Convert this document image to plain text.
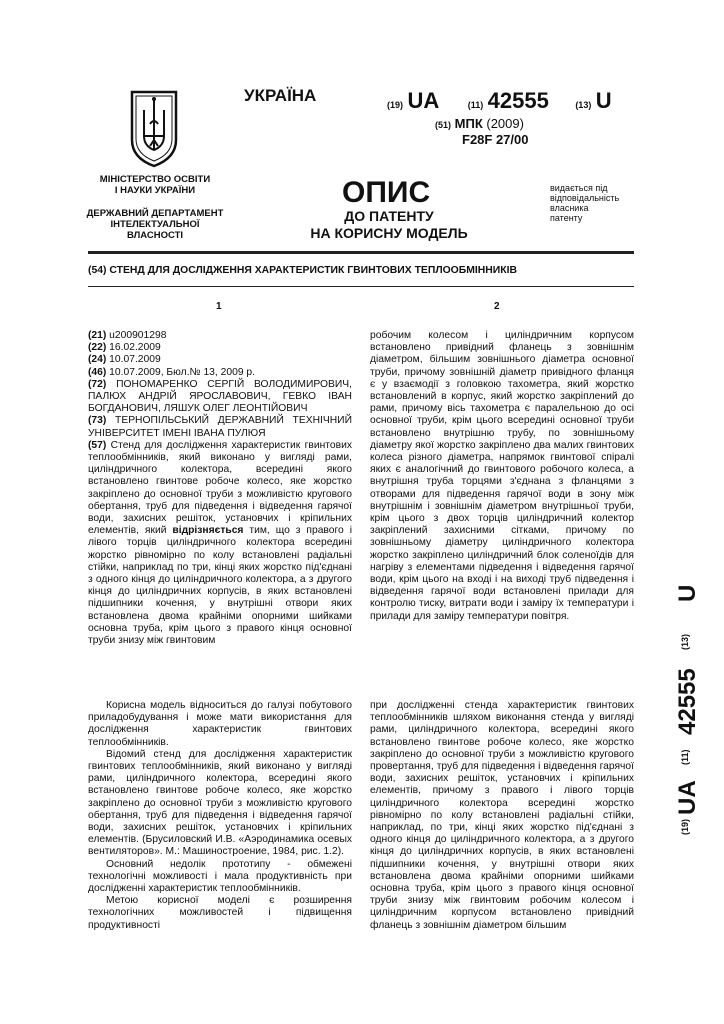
УКРАЇНА	(19) UA	(11) 42555	(13) U
(51) МПК (2009)
F28F 27/00
МІНІСТЕРСТВО ОСВІТИ
І НАУКИ УКРАЇНИ
ДЕРЖАВНИЙ ДЕПАРТАМЕНТ
ІНТЕЛЕКТУАЛЬНОЇ
ВЛАСНОСТІ
ОПИС
ДО ПАТЕНТУ
НА КОРИСНУ МОДЕЛЬ
видається під
відповідальність
власника
патенту
(54) СТЕНД ДЛЯ ДОСЛІДЖЕННЯ ХАРАКТЕРИСТИК ГВИНТОВИХ ТЕПЛООБМІННИКІВ
1	2
(21) u200901298
(22) 16.02.2009
(24) 10.07.2009
(46) 10.07.2009, Бюл.№ 13, 2009 р.
(72) ПОНОМАРЕНКО СЕРГІЙ ВОЛОДИМИРОВИЧ, ПАЛЮХ АНДРІЙ ЯРОСЛАВОВИЧ, ГЕВКО ІВАН БОГДАНОВИЧ, ЛЯШУК ОЛЕГ ЛЕОНТІЙОВИЧ
(73) ТЕРНОПІЛЬСЬКИЙ ДЕРЖАВНИЙ ТЕХНІЧНИЙ УНІВЕРСИТЕТ ІМЕНІ ІВАНА ПУЛЮЯ
(57) Стенд для дослідження характеристик гвинтових теплообмінників, який виконано у вигляді рами, циліндричного колектора, всередині якого встановлено гвинтове робоче колесо, яке жорстко закріплено до основної труби з можливістю кругового обертання, труб для підведення і відведення гарячої води, захисних решіток, установчих і кріпильних елементів, який відрізняється тим, що з правого і лівого торців циліндричного колектора всередині жорстко рівномірно по колу встановлені радіальні стійки, наприклад по три, кінці яких жорстко під'єднані з одного кінця до циліндричного колектора, а з другого кінця до циліндричних корпусів, в яких встановлені підшипники кочення, у внутрішні отвори яких встановлена двома крайніми опорними шийками основна труба, крім цього з правого кінця основної труби знизу між гвинтовим
робочим колесом і циліндричним корпусом встановлено привідний фланець з зовнішнім діаметром, більшим зовнішнього діаметра основної труби, причому зовнішній діаметр привідного фланця є у взаємодії з головкою тахометра, який жорстко встановлений в корпус, який жорстко закріплений до рами, причому вісь тахометра є паралельною до осі основної труби, крім цього всередині основної труби встановлено внутрішню трубу, по зовнішньому діаметру якої жорстко закріплено два малих гвинтових колеса різного діаметра, напрямок гвинтової спіралі яких є аналогічний до гвинтового робочого колеса, а внутрішня труба торцями з'єднана з фланцями з отворами для підведення гарячої води в зону між внутрішнім і зовнішнім діаметром внутрішньої труби, крім цього з двох торців циліндричний колектор закріплений захисними сітками, причому по зовнішньому діаметру циліндричного колектора жорстко закріплено циліндричний блок соленоїдів для нагріву з елементами підведення і відведення гарячої води, крім цього на вході і на виході труб підведення і відведення гарячої води встановлені прилади для контролю тиску, витрати води і заміру їх температури і прилади для заміру температури повітря.

Корисна модель відноситься до галузі побутового приладобудування і може мати використання для дослідження характеристик гвинтових теплообмінників.

Відомий стенд для дослідження характеристик гвинтових теплообмінників, який виконано у вигляді рами, циліндричного колектора, всередині якого встановлено гвинтове робоче колесо, яке жорстко закріплено до основної труби з можливістю кругового обертання, труб для підведення і відведення гарячої води, захисних решіток, установчих і кріпильних елементів. (Брусиловский И.В. «Аэродинамика осевых вентиляторов». М.: Машиностроение, 1984, рис. 1.2).

Основний недолік прототипу - обмежені технологічні можливості і мала продуктивність при дослідженні характеристик теплообмінників.

Метою корисної моделі є розширення технологічних можливостей і підвищення продуктивності

при дослідженні стенда характеристик гвинтових теплообмінників шляхом виконання стенда у вигляді рами, циліндричного колектора, всередині якого встановлено гвинтове робоче колесо, яке жорстко закріплено до основної труби з можливістю кругового провертання, труб для підведення і відведення гарячої води, захисних решіток, установчих і кріпильних елементів, причому з правого і лівого торців циліндричного колектора всередині жорстко рівномірно по колу встановлені радіальні стійки, наприклад, по три, кінці яких жорстко під'єднані з одного кінця до циліндричного колектора, а з другого кінця до циліндричних корпусів, в яких встановлені підшипники кочення, у внутрішні отвори яких встановлена двома крайніми опорними шийками основна труба, крім цього з правого кінця основної труби знизу між гвинтовим робочим колесом і циліндричним корпусом встановлено привідний фланець з зовнішнім діаметром більшим
(13)
U
(11)
42555
(19)
UA
